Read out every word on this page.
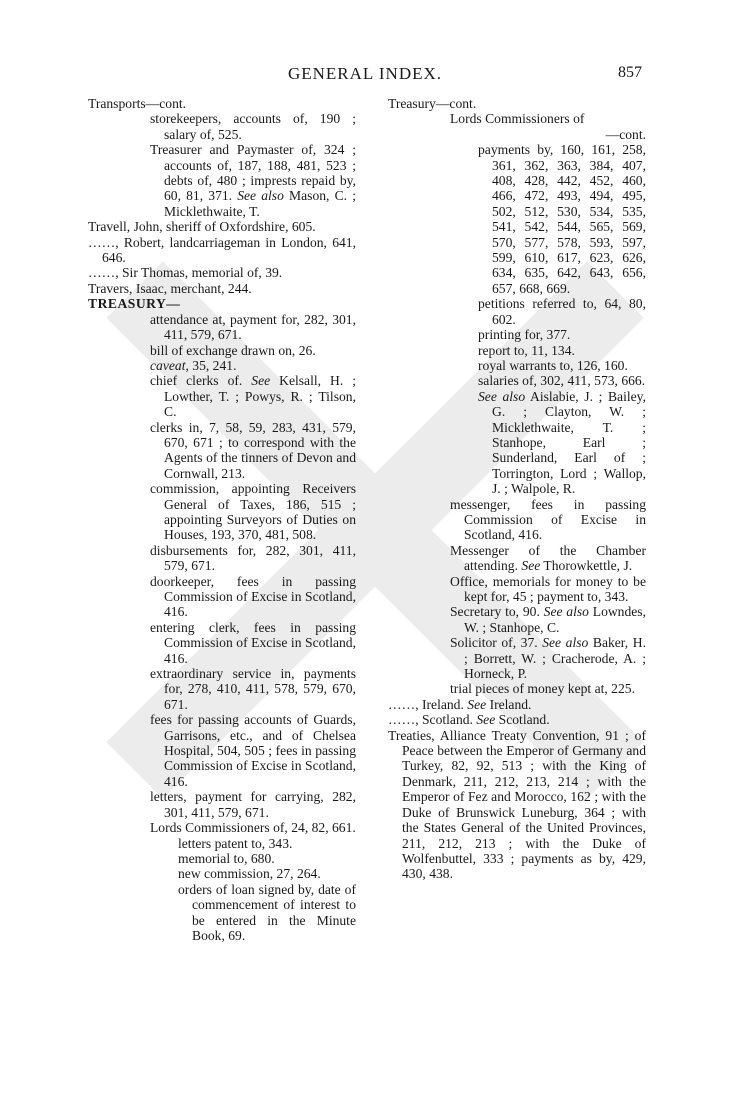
GENERAL INDEX.	857
Transports—cont.
storekeepers, accounts of, 190 ; salary of, 525.
Treasurer and Paymaster of, 324 ; accounts of, 187, 188, 481, 523 ; debts of, 480 ; imprests repaid by, 60, 81, 371. See also Mason, C. ; Micklethwaite, T.
Travell, John, sheriff of Oxfordshire, 605.
……, Robert, landcarriageman in London, 641, 646.
……, Sir Thomas, memorial of, 39.
Travers, Isaac, merchant, 244.
TREASURY—
attendance at, payment for, 282, 301, 411, 579, 671.
bill of exchange drawn on, 26.
caveat, 35, 241.
chief clerks of. See Kelsall, H. ; Lowther, T. ; Powys, R. ; Tilson, C.
clerks in, 7, 58, 59, 283, 431, 579, 670, 671 ; to correspond with the Agents of the tinners of Devon and Cornwall, 213.
commission, appointing Receivers General of Taxes, 186, 515 ; appointing Surveyors of Duties on Houses, 193, 370, 481, 508.
disbursements for, 282, 301, 411, 579, 671.
doorkeeper, fees in passing Commission of Excise in Scotland, 416.
entering clerk, fees in passing Commission of Excise in Scotland, 416.
extraordinary service in, payments for, 278, 410, 411, 578, 579, 670, 671.
fees for passing accounts of Guards, Garrisons, etc., and of Chelsea Hospital, 504, 505 ; fees in passing Commission of Excise in Scotland, 416.
letters, payment for carrying, 282, 301, 411, 579, 671.
Lords Commissioners of, 24, 82, 661.
letters patent to, 343.
memorial to, 680.
new commission, 27, 264.
orders of loan signed by, date of commencement of interest to be entered in the Minute Book, 69.
Treasury—cont.
Lords Commissioners of
—cont.
payments by, 160, 161, 258, 361, 362, 363, 384, 407, 408, 428, 442, 452, 460, 466, 472, 493, 494, 495, 502, 512, 530, 534, 535, 541, 542, 544, 565, 569, 570, 577, 578, 593, 597, 599, 610, 617, 623, 626, 634, 635, 642, 643, 656, 657, 668, 669.
petitions referred to, 64, 80, 602.
printing for, 377.
report to, 11, 134.
royal warrants to, 126, 160.
salaries of, 302, 411, 573, 666.
See also Aislabie, J. ; Bailey, G. ; Clayton, W. ; Micklethwaite, T. ; Stanhope, Earl ; Sunderland, Earl of ; Torrington, Lord ; Wallop, J. ; Walpole, R.
messenger, fees in passing Commission of Excise in Scotland, 416.
Messenger of the Chamber attending. See Thorowkettle, J.
Office, memorials for money to be kept for, 45 ; payment to, 343.
Secretary to, 90. See also Lowndes, W. ; Stanhope, C.
Solicitor of, 37. See also Baker, H. ; Borrett, W. ; Cracherode, A. ; Horneck, P.
trial pieces of money kept at, 225.
……, Ireland. See Ireland.
……, Scotland. See Scotland.
Treaties, Alliance Treaty Convention, 91 ; of Peace between the Emperor of Germany and Turkey, 82, 92, 513 ; with the King of Denmark, 211, 212, 213, 214 ; with the Emperor of Fez and Morocco, 162 ; with the Duke of Brunswick Luneburg, 364 ; with the States General of the United Provinces, 211, 212, 213 ; with the Duke of Wolfenbuttel, 333 ; payments as by, 429, 430, 438.
